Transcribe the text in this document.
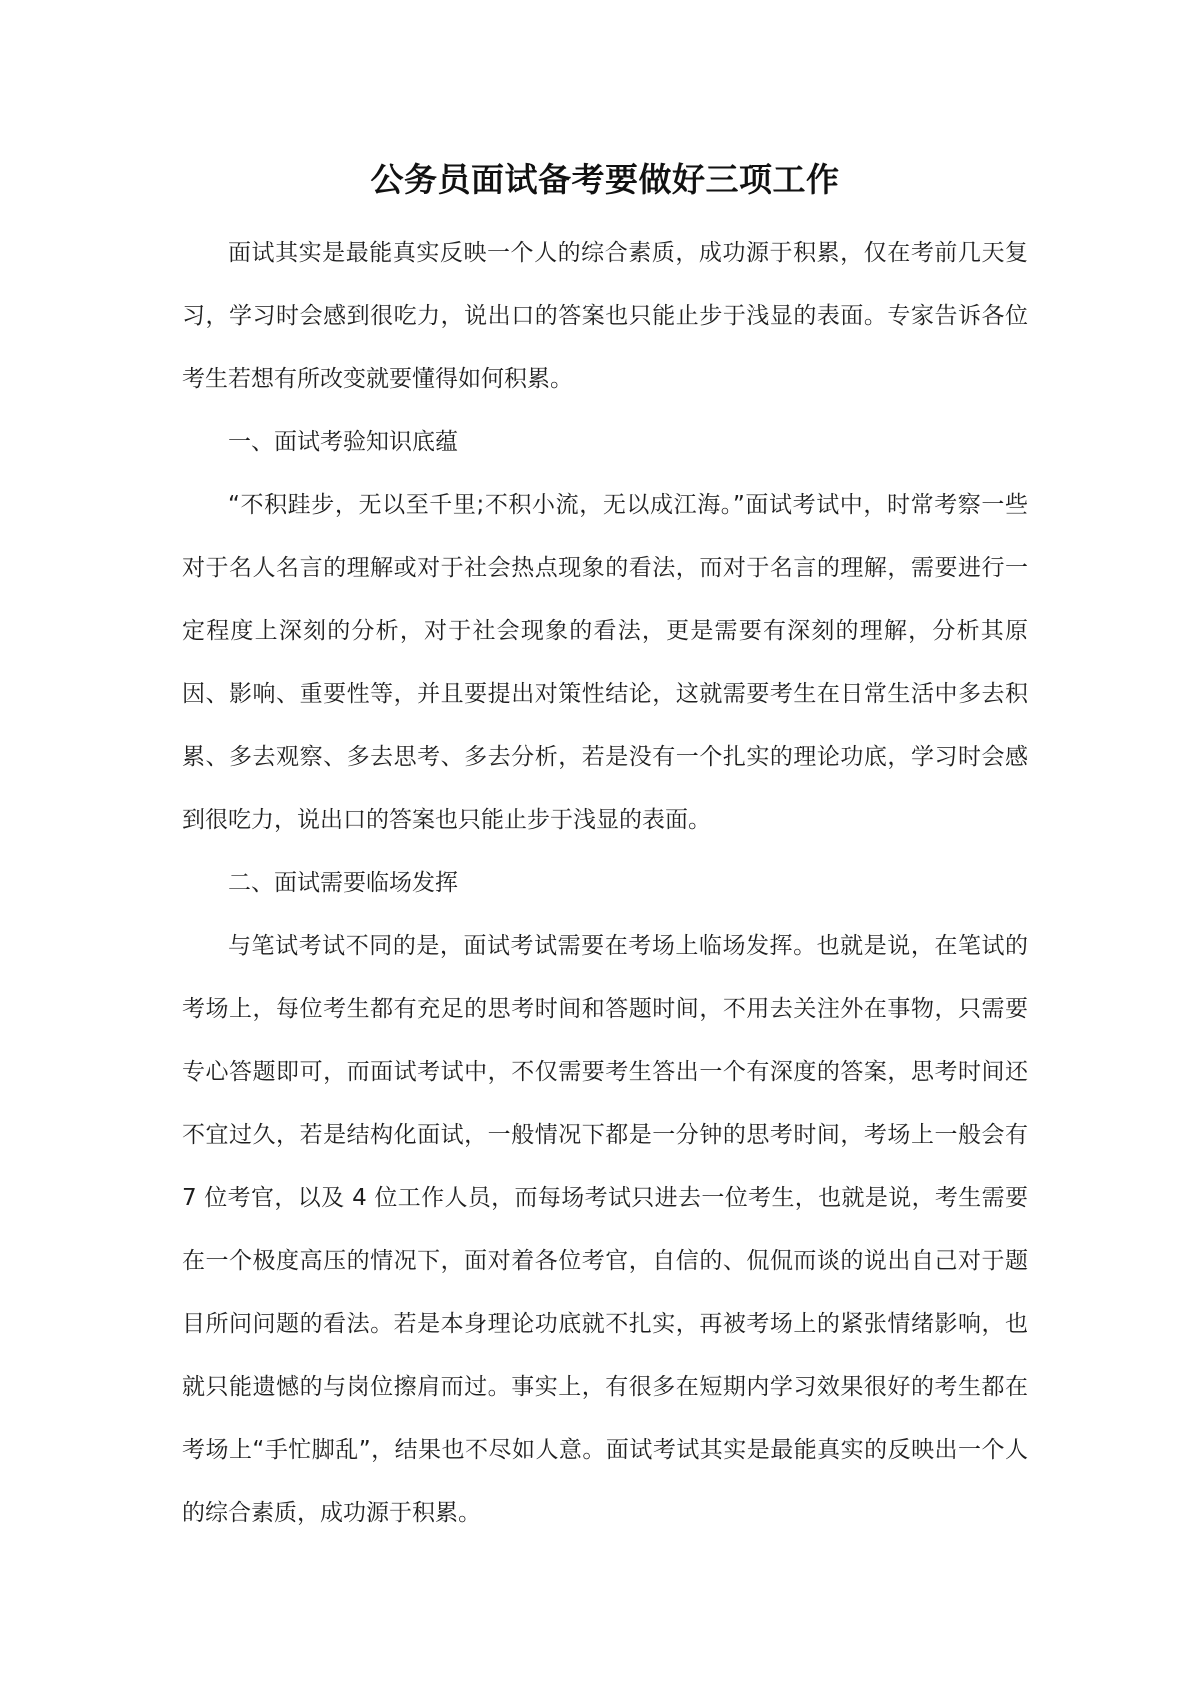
公务员面试备考要做好三项工作

面试其实是最能真实反映一个人的综合素质，成功源于积累，仅在考前几天复习，学习时会感到很吃力，说出口的答案也只能止步于浅显的表面。专家告诉各位考生若想有所改变就要懂得如何积累。

一、面试考验知识底蕴

“不积跬步，无以至千里;不积小流，无以成江海。”面试考试中，时常考察一些对于名人名言的理解或对于社会热点现象的看法，而对于名言的理解，需要进行一定程度上深刻的分析，对于社会现象的看法，更是需要有深刻的理解，分析其原因、影响、重要性等，并且要提出对策性结论，这就需要考生在日常生活中多去积累、多去观察、多去思考、多去分析，若是没有一个扎实的理论功底，学习时会感到很吃力，说出口的答案也只能止步于浅显的表面。

二、面试需要临场发挥

与笔试考试不同的是，面试考试需要在考场上临场发挥。也就是说，在笔试的考场上，每位考生都有充足的思考时间和答题时间，不用去关注外在事物，只需要专心答题即可，而面试考试中，不仅需要考生答出一个有深度的答案，思考时间还不宜过久，若是结构化面试，一般情况下都是一分钟的思考时间，考场上一般会有 7 位考官，以及 4 位工作人员，而每场考试只进去一位考生，也就是说，考生需要在一个极度高压的情况下，面对着各位考官，自信的、侃侃而谈的说出自己对于题目所问问题的看法。若是本身理论功底就不扎实，再被考场上的紧张情绪影响，也就只能遗憾的与岗位擦肩而过。事实上，有很多在短期内学习效果很好的考生都在考场上“手忙脚乱”，结果也不尽如人意。面试考试其实是最能真实的反映出一个人的综合素质，成功源于积累。
